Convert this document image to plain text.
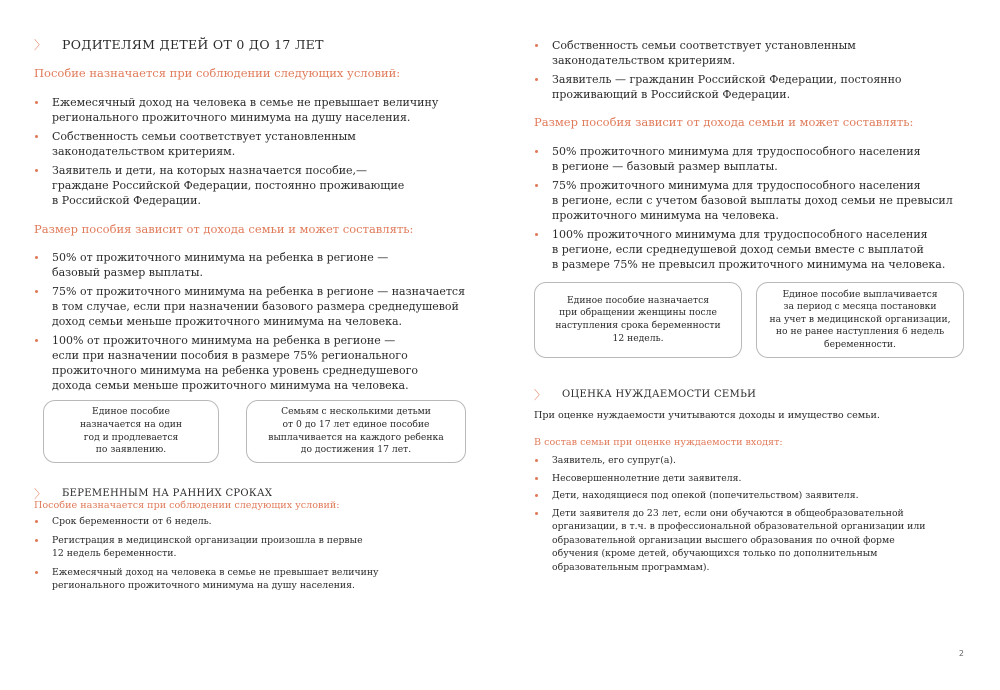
〉	РОДИТЕЛЯМ ДЕТЕЙ ОТ 0 ДО 17 ЛЕТ
Пособие назначается при соблюдении следующих условий:
Ежемесячный доход на человека в семье не превышает величину
регионального прожиточного минимума на душу населения.
Собственность семьи соответствует установленным
законодательством критериям.
Заявитель и дети, на которых назначается пособие,—
граждане Российской Федерации, постоянно проживающие
в Российской Федерации.
Размер пособия зависит от дохода семьи и может составлять:
50% от прожиточного минимума на ребенка в регионе —
базовый размер выплаты.
75% от прожиточного минимума на ребенка в регионе — назначается
в том случае, если при назначении базового размера среднедушевой
доход семьи меньше прожиточного минимума на человека.
100% от прожиточного минимума на ребенка в регионе —
если при назначении пособия в размере 75% регионального
прожиточного минимума на ребенка уровень среднедушевого
дохода семьи меньше прожиточного минимума на человека.
Единое пособие
назначается на один
год и продлевается
по заявлению.
Семьям с несколькими детьми
от 0 до 17 лет единое пособие
выплачивается на каждого ребенка
до достижения 17 лет.
〉	БЕРЕМЕННЫМ НА РАННИХ СРОКАХ
Пособие назначается при соблюдении следующих условий:
Срок беременности от 6 недель.
Регистрация в медицинской организации произошла в первые
12 недель беременности.
Ежемесячный доход на человека в семье не превышает величину
регионального прожиточного минимума на душу населения.
Собственность семьи соответствует установленным
законодательством критериям.
Заявитель — гражданин Российской Федерации, постоянно
проживающий в Российской Федерации.
Размер пособия зависит от дохода семьи и может составлять:
50% прожиточного минимума для трудоспособного населения
в регионе — базовый размер выплаты.
75% прожиточного минимума для трудоспособного населения
в регионе, если с учетом базовой выплаты доход семьи не превысил
прожиточного минимума на человека.
100% прожиточного минимума для трудоспособного населения
в регионе, если среднедушевой доход семьи вместе с выплатой
в размере 75% не превысил прожиточного минимума на человека.
Единое пособие назначается
при обращении женщины после
наступления срока беременности
12 недель.
Единое пособие выплачивается
за период с месяца постановки
на учет в медицинской организации,
но не ранее наступления 6 недель
беременности.
〉	ОЦЕНКА НУЖДАЕМОСТИ СЕМЬИ
При оценке нуждаемости учитываются доходы и имущество семьи.
В состав семьи при оценке нуждаемости входят:
Заявитель, его супруг(а).
Несовершеннолетние дети заявителя.
Дети, находящиеся под опекой (попечительством) заявителя.
Дети заявителя до 23 лет, если они обучаются в общеобразовательной
организации, в т.ч. в профессиональной образовательной организации или
образовательной организации высшего образования по очной форме
обучения (кроме детей, обучающихся только по дополнительным
образовательным программам).
2
